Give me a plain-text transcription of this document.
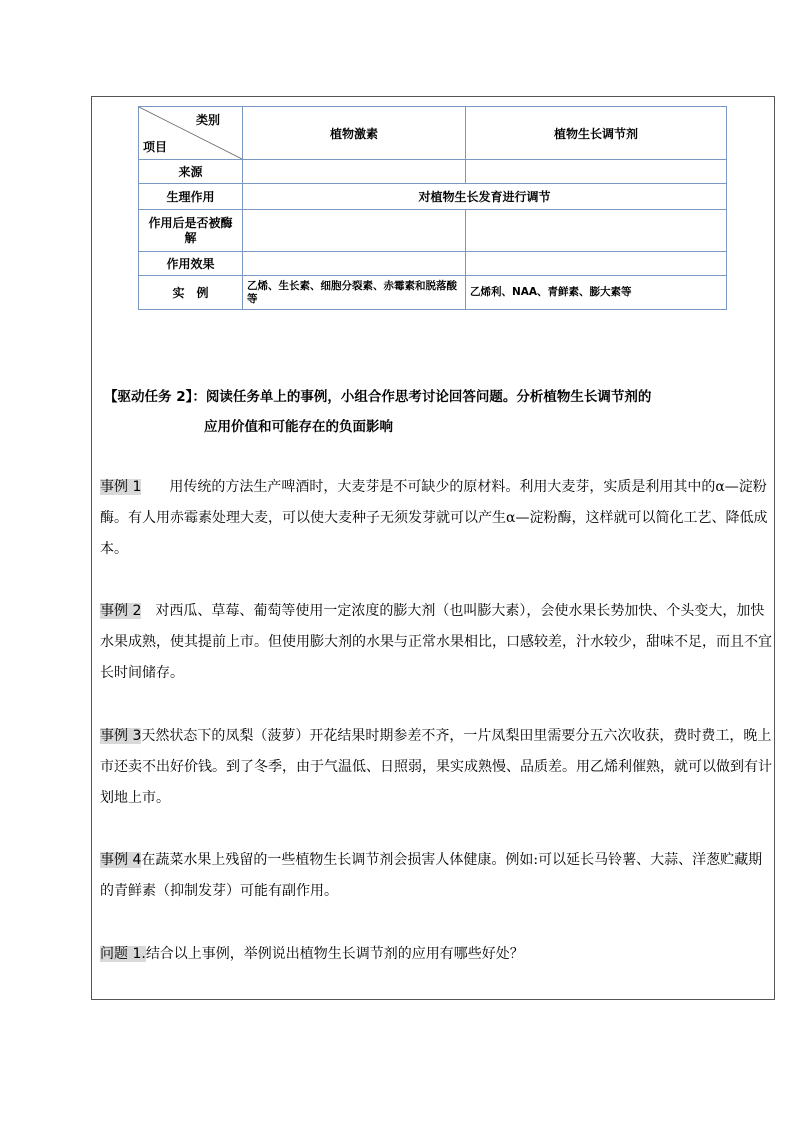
类别
项目	植物激素	植物生长调节剂
来源		
生理作用	对植物生长发育进行调节	
作用后是否被酶解		
作用效果		
实　例	乙烯、生长素、细胞分裂素、赤霉素和脱落酸等	乙烯利、NAA、青鲜素、膨大素等
【驱动任务 2】：阅读任务单上的事例，小组合作思考讨论回答问题。分析植物生长调节剂的
应用价值和可能存在的负面影响
事例 1　　用传统的方法生产啤酒时，大麦芽是不可缺少的原材料。利用大麦芽，实质是利用其中的α—淀粉酶。有人用赤霉素处理大麦，可以使大麦种子无须发芽就可以产生α—淀粉酶，这样就可以简化工艺、降低成本。
事例 2　对西瓜、草莓、葡萄等使用一定浓度的膨大剂（也叫膨大素），会使水果长势加快、个头变大，加快水果成熟，使其提前上市。但使用膨大剂的水果与正常水果相比，口感较差，汁水较少，甜味不足，而且不宜长时间储存。
事例 3天然状态下的凤梨（菠萝）开花结果时期参差不齐，一片凤梨田里需要分五六次收获，费时费工，晚上市还卖不出好价钱。到了冬季，由于气温低、日照弱，果实成熟慢、品质差。用乙烯利催熟，就可以做到有计划地上市。
事例 4在蔬菜水果上残留的一些植物生长调节剂会损害人体健康。例如:可以延长马铃薯、大蒜、洋葱贮藏期的青鲜素（抑制发芽）可能有副作用。
问题 1.结合以上事例，举例说出植物生长调节剂的应用有哪些好处？
